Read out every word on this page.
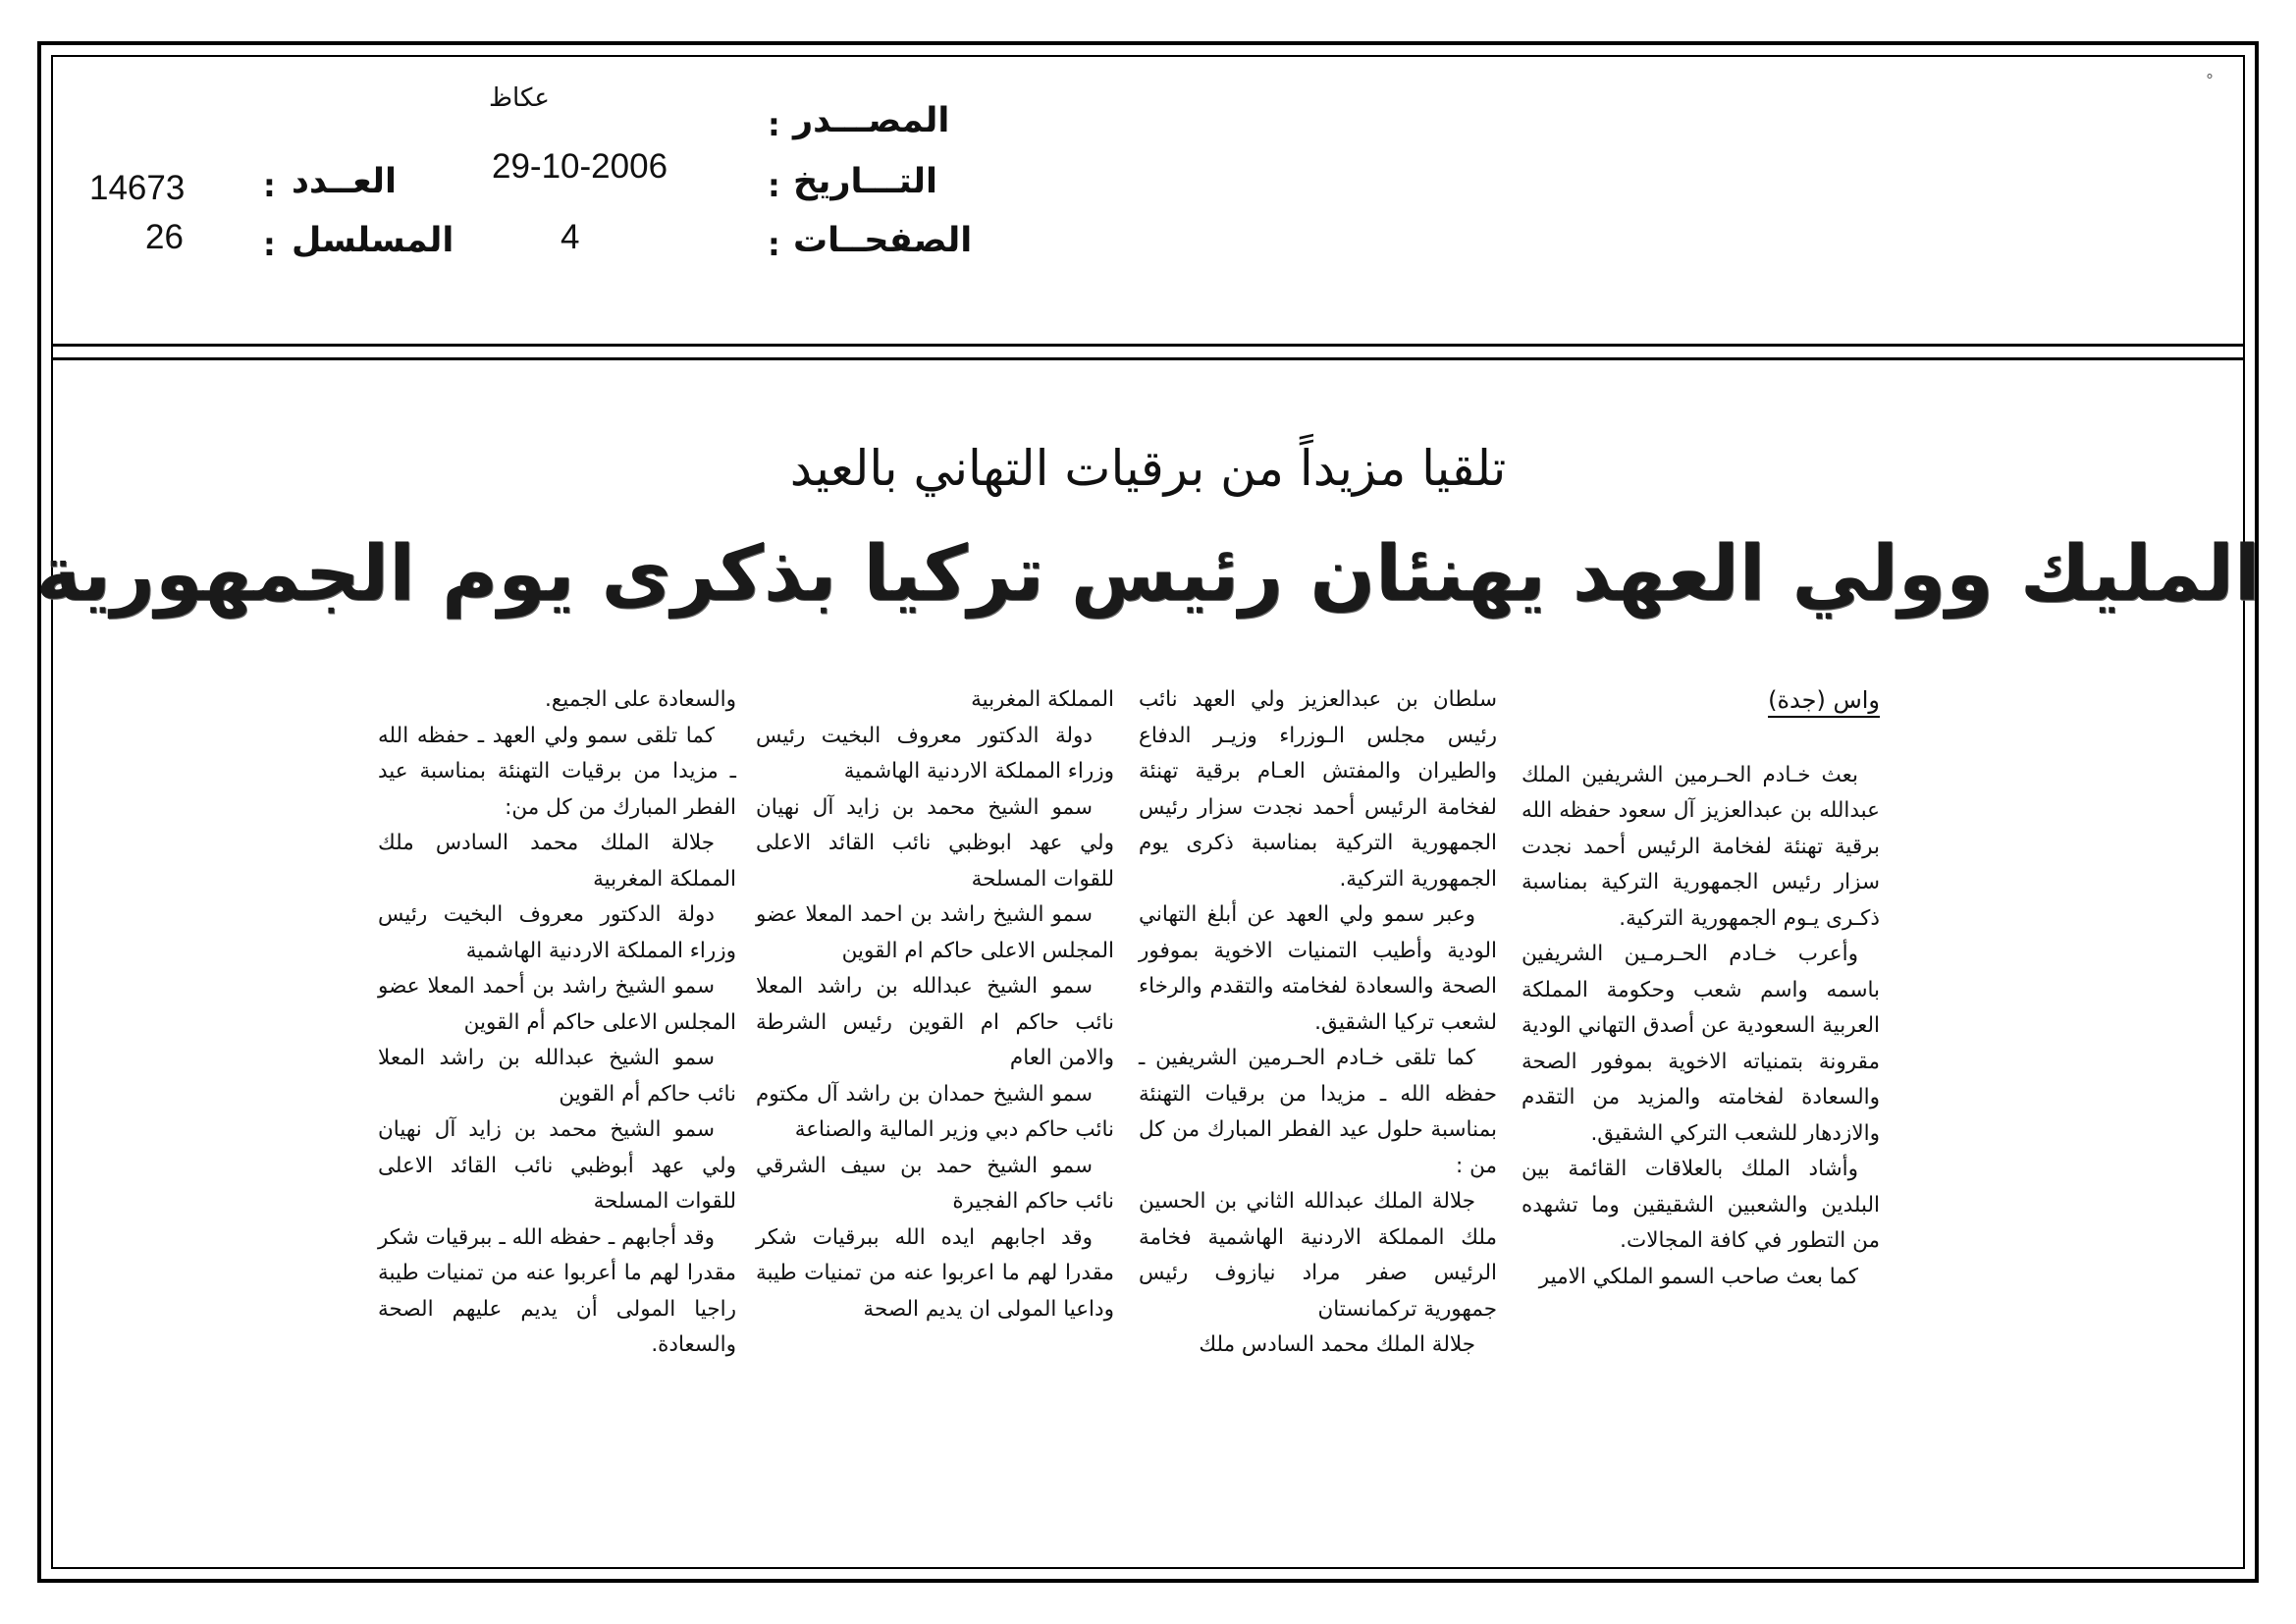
°
المصـــدر
:
عكاظ
التـــاريخ
:
29-10-2006
الصفحــات
:
4
العــدد
:
14673
المسلسل
:
26
تلقيا مزيداً من برقيات التهاني بالعيد
المليك وولي العهد يهنئان رئيس تركيا بذكرى يوم الجمهورية

واس (جدة)

بعث خـادم الحـرمين الشريفين الملك عبدالله بن عبدالعزيز آل سعود حفظه الله برقية تهنئة لفخامة الرئيس أحمد نجدت سزار رئيس الجمهورية التركية بمناسبة ذكـرى يـوم الجمهورية التركية.

وأعرب خـادم الحـرمـين الشريفين باسمه واسم شعب وحكومة المملكة العربية السعودية عن أصدق التهاني الودية مقرونة بتمنياته الاخوية بموفور الصحة والسعادة لفخامته والمزيد من التقدم والازدهار للشعب التركي الشقيق.

وأشاد الملك بالعلاقات القائمة بين البلدين والشعبين الشقيقين وما تشهده من التطور في كافة المجالات.

كما بعث صاحب السمو الملكي الامير

سلطان بن عبدالعزيز ولي العهد نائب رئيس مجلس الـوزراء وزيـر الدفاع والطيران والمفتش العـام برقية تهنئة لفخامة الرئيس أحمد نجدت سزار رئيس الجمهورية التركية بمناسبة ذكرى يوم الجمهورية التركية.

وعبر سمو ولي العهد عن أبلغ التهاني الودية وأطيب التمنيات الاخوية بموفور الصحة والسعادة لفخامته والتقدم والرخاء لشعب تركيا الشقيق.

كما تلقى خـادم الحـرمين الشريفين ـ حفظه الله ـ مزيدا من برقيات التهنئة بمناسبة حلول عيد الفطر المبارك من كل من :

جلالة الملك عبدالله الثاني بن الحسين ملك المملكة الاردنية الهاشمية فخامة الرئيس صفر مراد نيازوف رئيس جمهورية تركمانستان

جلالة الملك محمد السادس ملك

المملكة المغربية

دولة الدكتور معروف البخيت رئيس وزراء المملكة الاردنية الهاشمية

سمو الشيخ محمد بن زايد آل نهيان ولي عهد ابوظبي نائب القائد الاعلى للقوات المسلحة

سمو الشيخ راشد بن احمد المعلا عضو المجلس الاعلى حاكم ام القوين

سمو الشيخ عبدالله بن راشد المعلا نائب حاكم ام القوين رئيس الشرطة والامن العام

سمو الشيخ حمدان بن راشد آل مكتوم نائب حاكم دبي وزير المالية والصناعة

سمو الشيخ حمد بن سيف الشرقي نائب حاكم الفجيرة

وقد اجابهم ايده الله ببرقيات شكر مقدرا لهم ما اعربوا عنه من تمنيات طيبة وداعيا المولى ان يديم الصحة

والسعادة على الجميع.

كما تلقى سمو ولي العهد ـ حفظه الله ـ مزيدا من برقيات التهنئة بمناسبة عيد الفطر المبارك من كل من:

جلالة الملك محمد السادس ملك المملكة المغربية

دولة الدكتور معروف البخيت رئيس وزراء المملكة الاردنية الهاشمية

سمو الشيخ راشد بن أحمد المعلا عضو المجلس الاعلى حاكم أم القوين

سمو الشيخ عبدالله بن راشد المعلا نائب حاكم أم القوين

سمو الشيخ محمد بن زايد آل نهيان ولي عهد أبوظبي نائب القائد الاعلى للقوات المسلحة

وقد أجابهم ـ حفظه الله ـ ببرقيات شكر مقدرا لهم ما أعربوا عنه من تمنيات طيبة راجيا المولى أن يديم عليهم الصحة والسعادة.
